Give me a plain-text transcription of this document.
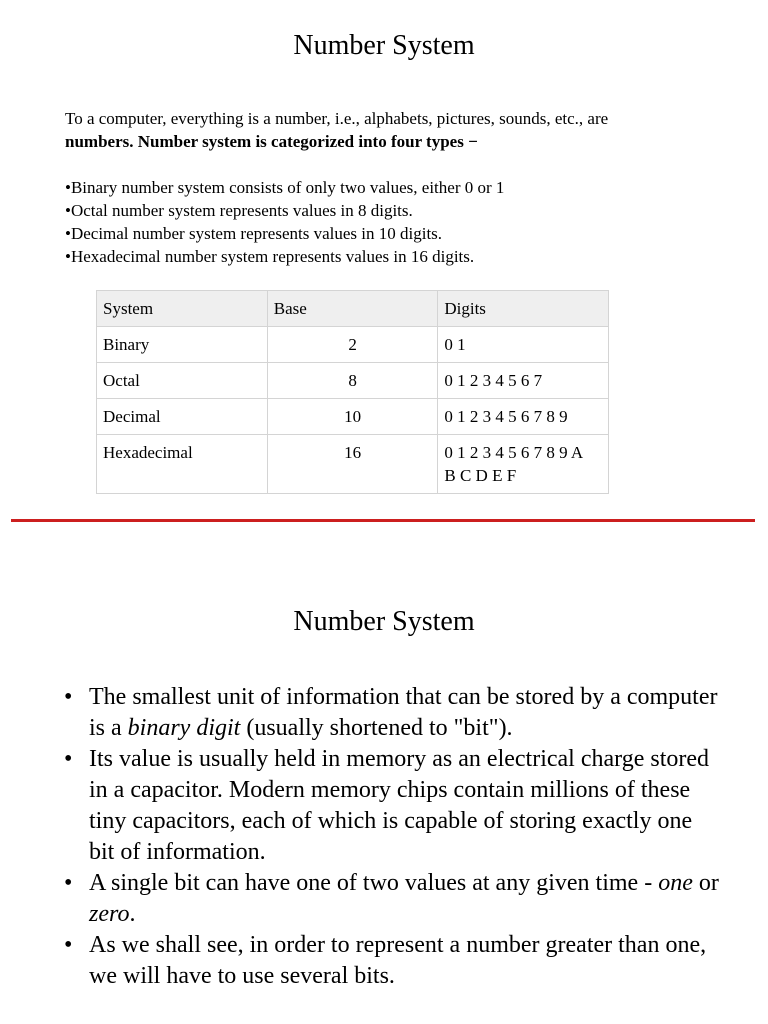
Number System
To a computer, everything is a number, i.e., alphabets, pictures, sounds, etc., are
numbers. Number system is categorized into four types −
•Binary number system consists of only two values, either 0 or 1
•Octal number system represents values in 8 digits.
•Decimal number system represents values in 10 digits.
•Hexadecimal number system represents values in 16 digits.
System	Base	Digits
Binary	2	0 1
Octal	8	0 1 2 3 4 5 6 7
Decimal	10	0 1 2 3 4 5 6 7 8 9
Hexadecimal	16	0 1 2 3 4 5 6 7 8 9 A
B C D E F
Number System
• The smallest unit of information that can be stored by a computer is a binary digit (usually shortened to "bit").
• Its value is usually held in memory as an electrical charge stored in a capacitor. Modern memory chips contain millions of these tiny capacitors, each of which is capable of storing exactly one bit of information.
• A single bit can have one of two values at any given time - one or zero.
• As we shall see, in order to represent a number greater than one, we will have to use several bits.
